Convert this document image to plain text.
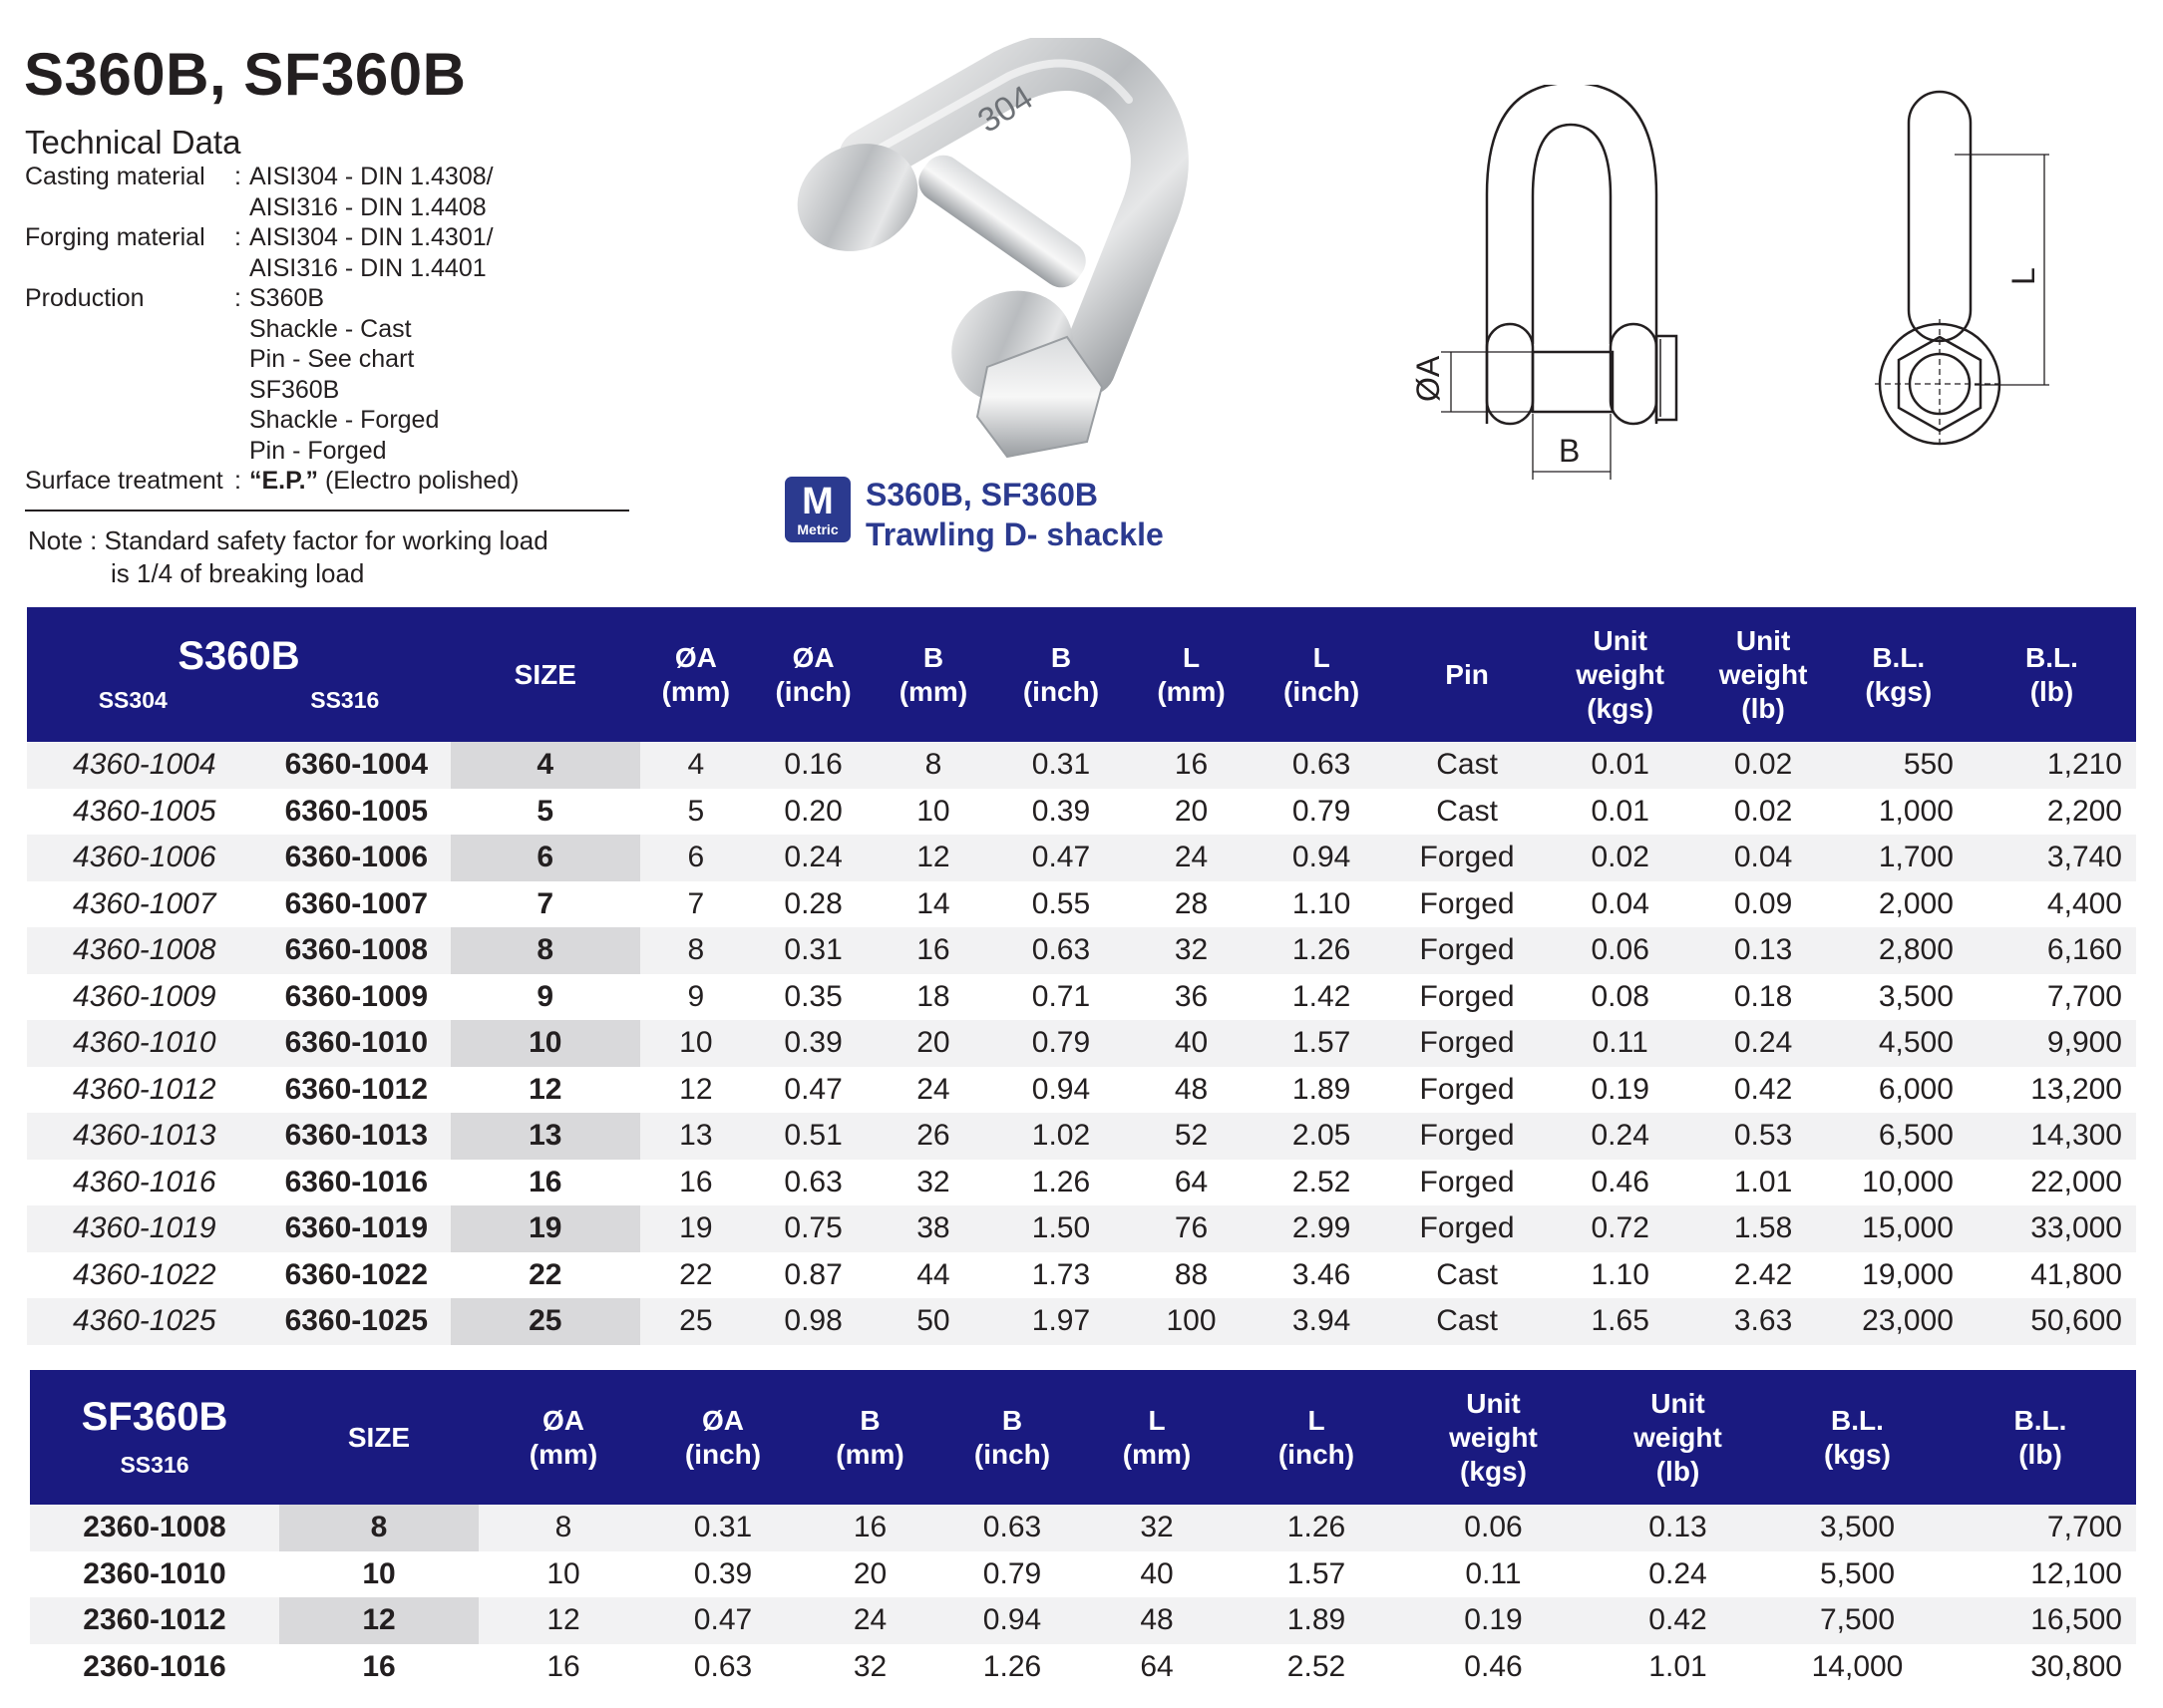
S360B, SF360B
Technical Data
Casting material	: AISI304 - DIN 1.4308/
AISI316 - DIN 1.4408
Forging material	: AISI304 - DIN 1.4301/
AISI316 - DIN 1.4401
Production	: S360B
Shackle - Cast
Pin - See chart
SF360B
Shackle - Forged
Pin - Forged
Surface treatment : “E.P.” (Electro polished)
Note : Standard safety factor for working load
is 1/4 of breaking load
304
M
Metric
S360B, SF360B
Trawling D- shackle
ØA
B
L
S360B
SS304 SS316		SIZE	ØA
(mm)	ØA
(inch)	B
(mm)	B
(inch)	L
(mm)	L
(inch)	Pin	Unit
weight
(kgs)	Unit
weight
(lb)	B.L.
(kgs)	B.L.
(lb)
4360-1004	6360-1004	4	4	0.16	8	0.31	16	0.63	Cast	0.01	0.02	550	1,210
4360-1005	6360-1005	5	5	0.20	10	0.39	20	0.79	Cast	0.01	0.02	1,000	2,200
4360-1006	6360-1006	6	6	0.24	12	0.47	24	0.94	Forged	0.02	0.04	1,700	3,740
4360-1007	6360-1007	7	7	0.28	14	0.55	28	1.10	Forged	0.04	0.09	2,000	4,400
4360-1008	6360-1008	8	8	0.31	16	0.63	32	1.26	Forged	0.06	0.13	2,800	6,160
4360-1009	6360-1009	9	9	0.35	18	0.71	36	1.42	Forged	0.08	0.18	3,500	7,700
4360-1010	6360-1010	10	10	0.39	20	0.79	40	1.57	Forged	0.11	0.24	4,500	9,900
4360-1012	6360-1012	12	12	0.47	24	0.94	48	1.89	Forged	0.19	0.42	6,000	13,200
4360-1013	6360-1013	13	13	0.51	26	1.02	52	2.05	Forged	0.24	0.53	6,500	14,300
4360-1016	6360-1016	16	16	0.63	32	1.26	64	2.52	Forged	0.46	1.01	10,000	22,000
4360-1019	6360-1019	19	19	0.75	38	1.50	76	2.99	Forged	0.72	1.58	15,000	33,000
4360-1022	6360-1022	22	22	0.87	44	1.73	88	3.46	Cast	1.10	2.42	19,000	41,800
4360-1025	6360-1025	25	25	0.98	50	1.97	100	3.94	Cast	1.65	3.63	23,000	50,600
SF360B
SS316	SIZE	ØA
(mm)	ØA
(inch)	B
(mm)	B
(inch)	L
(mm)	L
(inch)	Unit
weight
(kgs)	Unit
weight
(lb)	B.L.
(kgs)	B.L.
(lb)
2360-1008	8	8	0.31	16	0.63	32	1.26	0.06	0.13	3,500	7,700
2360-1010	10	10	0.39	20	0.79	40	1.57	0.11	0.24	5,500	12,100
2360-1012	12	12	0.47	24	0.94	48	1.89	0.19	0.42	7,500	16,500
2360-1016	16	16	0.63	32	1.26	64	2.52	0.46	1.01	14,000	30,800
